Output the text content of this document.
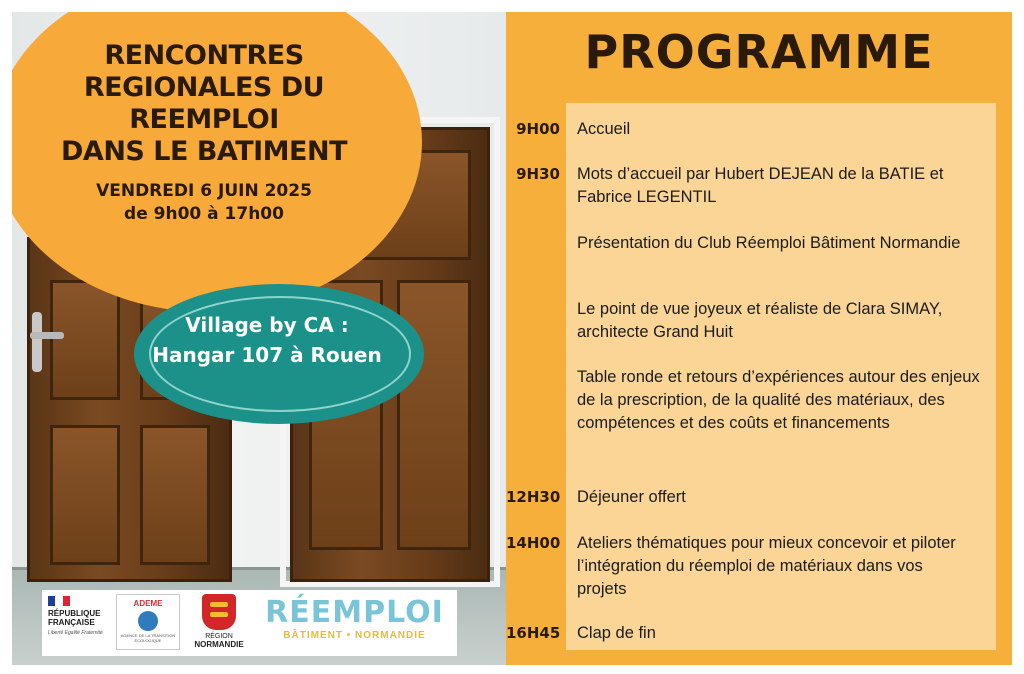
RENCONTRES
REGIONALES DU REEMPLOI
DANS LE BATIMENT
VENDREDI 6 JUIN 2025
de 9h00 à 17h00
Village by CA :
Hangar 107 à Rouen
RÉPUBLIQUE
FRANÇAISE
Liberté Égalité Fraternité
ADEME
AGENCE DE LA TRANSITION ÉCOLOGIQUE
RÉGION
NORMANDIE
RÉEMPLOI
BÂTIMENT • NORMANDIE
PROGRAMME
9H00 Accueil
9H30 Mots d’accueil par Hubert DEJEAN de la BATIE et Fabrice LEGENTIL
Présentation du Club Réemploi Bâtiment Normandie
Le point de vue joyeux et réaliste de Clara SIMAY, architecte Grand Huit
Table ronde et retours d’expériences autour des enjeux de la prescription, de la qualité des matériaux, des compétences et des coûts et financements
12H30 Déjeuner offert
14H00 Ateliers thématiques pour mieux concevoir et piloter l’intégration du réemploi de matériaux dans vos projets
16H45 Clap de fin
